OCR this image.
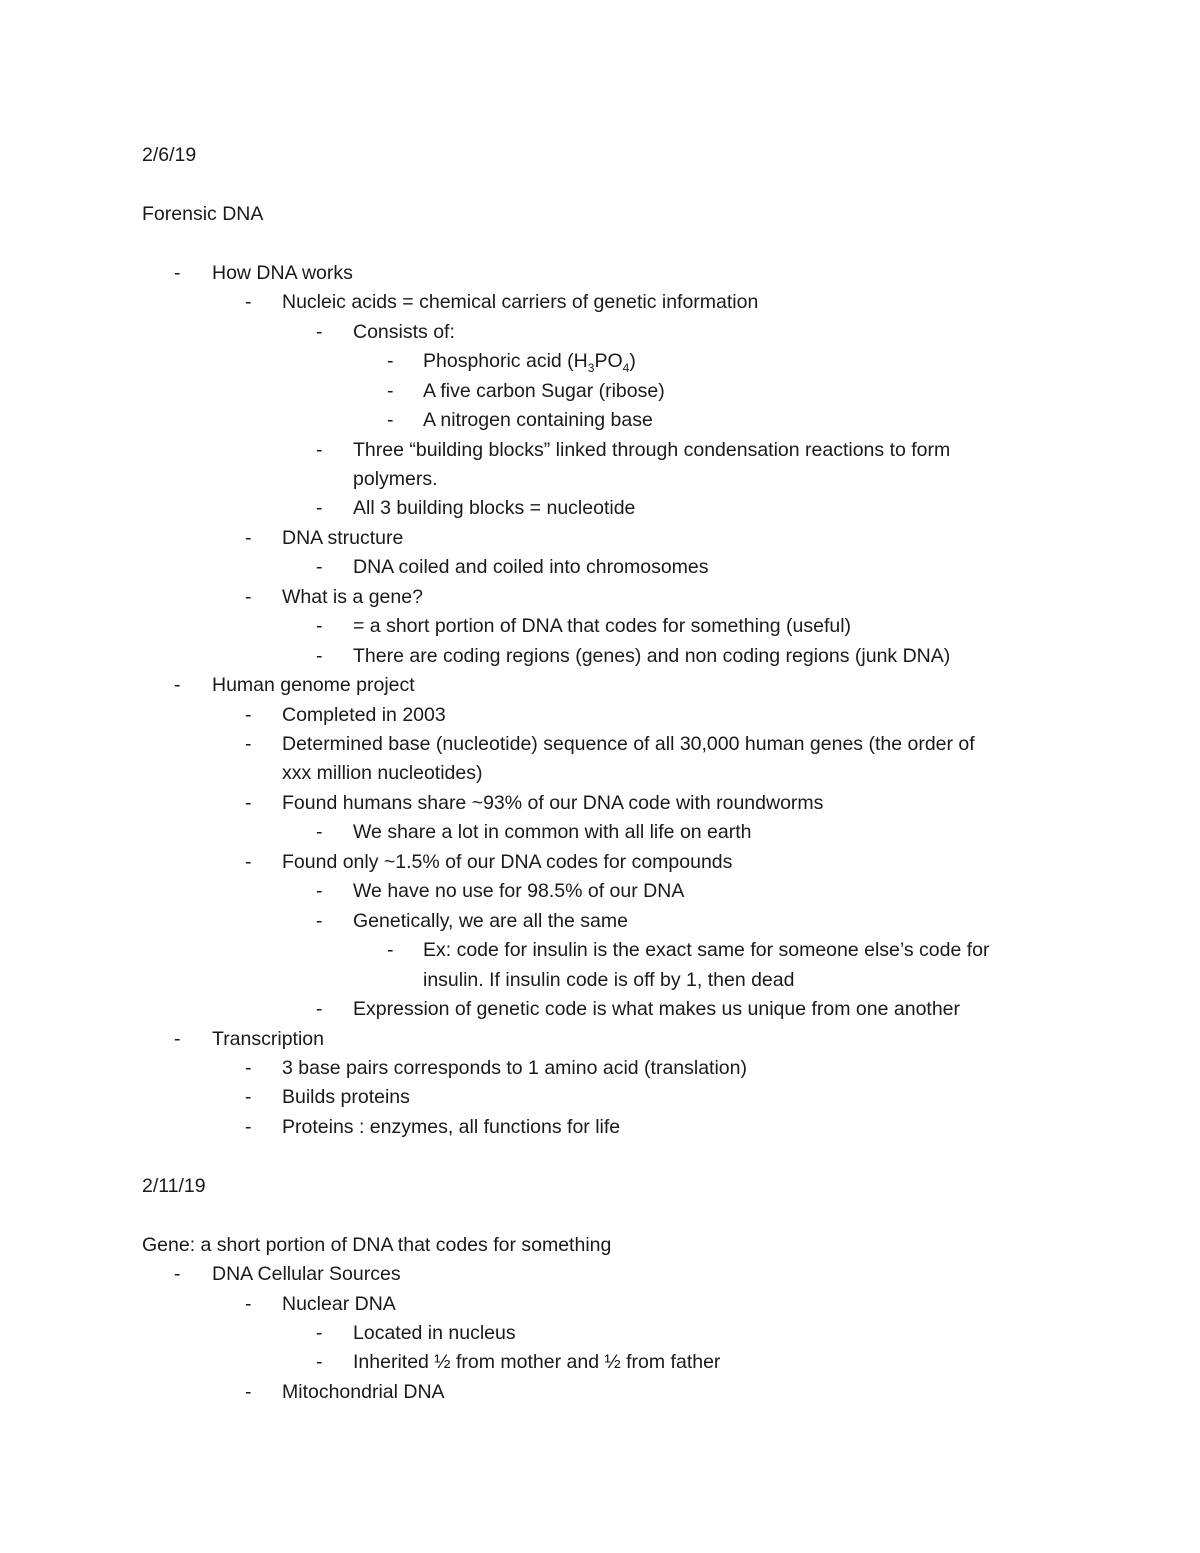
2/6/19
Forensic DNA
- How DNA works
- Nucleic acids = chemical carriers of genetic information
- Consists of:
- Phosphoric acid $(H_3PO_4)$
- A five carbon Sugar (ribose)
- A nitrogen containing base
- Three “building blocks” linked through condensation reactions to form
polymers.
- All 3 building blocks = nucleotide
- DNA structure
- DNA coiled and coiled into chromosomes
- What is a gene?
- = a short portion of DNA that codes for something (useful)
- There are coding regions (genes) and non coding regions (junk DNA)
- Human genome project
- Completed in 2003
- Determined base (nucleotide) sequence of all 30,000 human genes (the order of
xxx million nucleotides)
- Found humans share ~93% of our DNA code with roundworms
- We share a lot in common with all life on earth
- Found only ~1.5% of our DNA codes for compounds
- We have no use for 98.5% of our DNA
- Genetically, we are all the same
- Ex: code for insulin is the exact same for someone else’s code for
insulin. If insulin code is off by 1, then dead
- Expression of genetic code is what makes us unique from one another
- Transcription
- 3 base pairs corresponds to 1 amino acid (translation)
- Builds proteins
- Proteins : enzymes, all functions for life
2/11/19
Gene: a short portion of DNA that codes for something
- DNA Cellular Sources
- Nuclear DNA
- Located in nucleus
- Inherited ½ from mother and ½ from father
- Mitochondrial DNA
